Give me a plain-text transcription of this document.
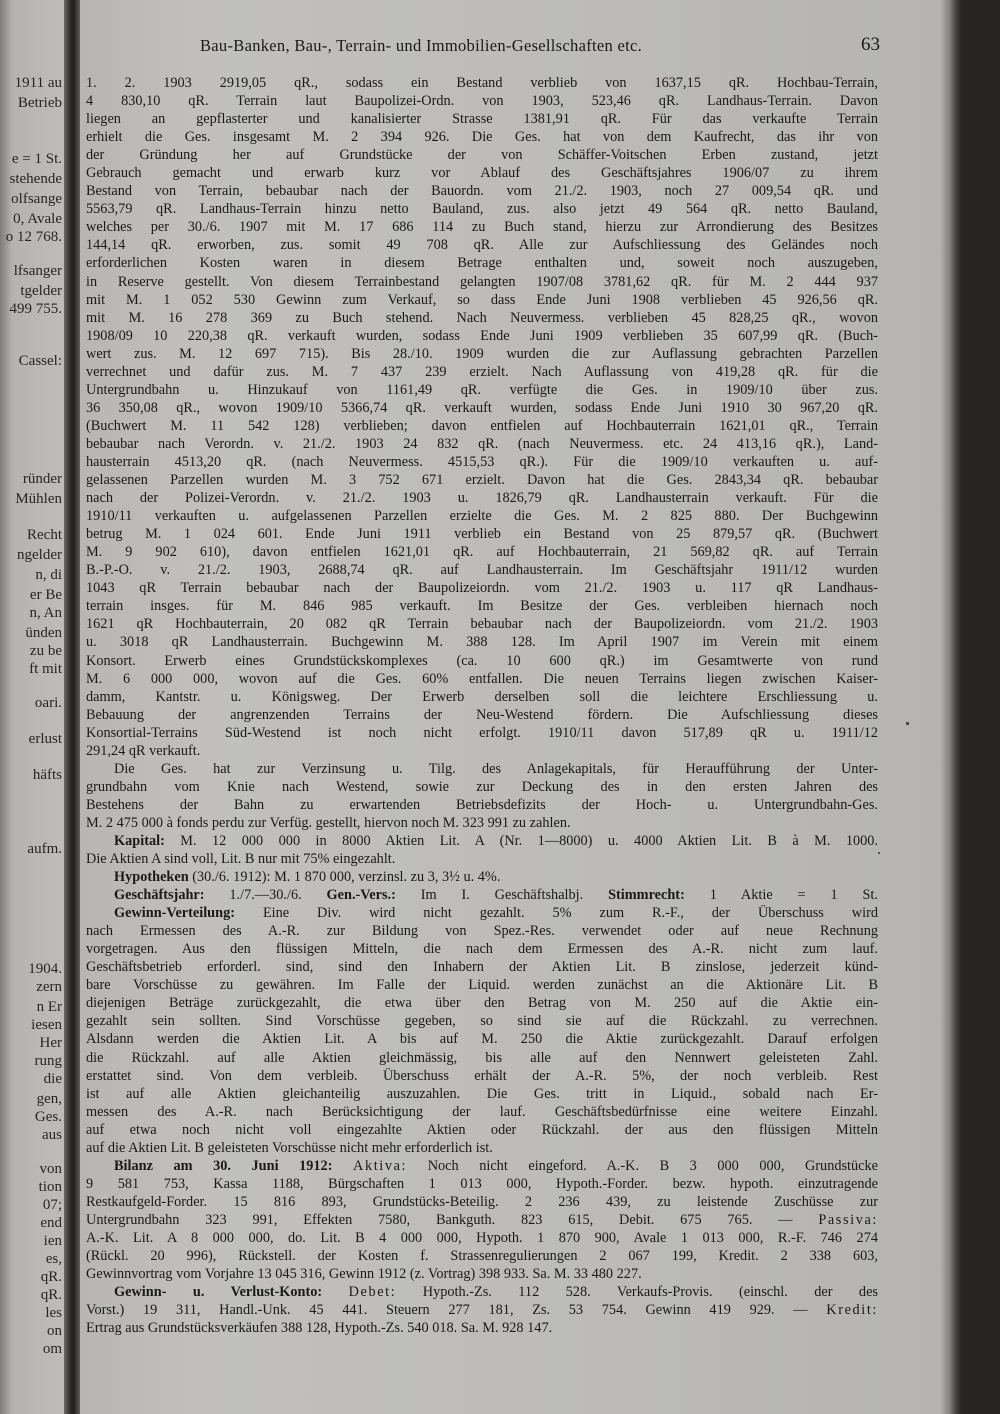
1911 au
Betrieb
e = 1 St.
stehende
olfsange
0, Avale
o 12 768.
lfsanger
tgelder
499 755.
Cassel:
ründer
Mühlen
Recht
ngelder
n, di
er Be
n, An
ünden
zu be
ft mit
oari.
erlust
häfts
aufm.
1904.
zern
n Er
iesen
Her
rung
die
gen,
Ges.
aus
von
tion
07;
end
ien
es,
qR.
qR.
les
on
om
Bau-Banken, Bau-, Terrain- und Immobilien-Gesellschaften etc.	63
1. 2. 1903 2919,05 qR., sodass ein Bestand verblieb von 1637,15 qR. Hochbau-Terrain,
4 830,10 qR. Terrain laut Baupolizei-Ordn. von 1903, 523,46 qR. Landhaus-Terrain. Davon
liegen an gepflasterter und kanalisierter Strasse 1381,91 qR. Für das verkaufte Terrain
erhielt die Ges. insgesamt M. 2 394 926. Die Ges. hat von dem Kaufrecht, das ihr von
der Gründung her auf Grundstücke der von Schäffer-Voitschen Erben zustand, jetzt
Gebrauch gemacht und erwarb kurz vor Ablauf des Geschäftsjahres 1906/07 zu ihrem
Bestand von Terrain, bebaubar nach der Bauordn. vom 21./2. 1903, noch 27 009,54 qR. und
5563,79 qR. Landhaus-Terrain hinzu netto Bauland, zus. also jetzt 49 564 qR. netto Bauland,
welches per 30./6. 1907 mit M. 17 686 114 zu Buch stand, hierzu zur Arrondierung des Besitzes
144,14 qR. erworben, zus. somit 49 708 qR. Alle zur Aufschliessung des Geländes noch
erforderlichen Kosten waren in diesem Betrage enthalten und, soweit noch auszugeben,
in Reserve gestellt. Von diesem Terrainbestand gelangten 1907/08 3781,62 qR. für M. 2 444 937
mit M. 1 052 530 Gewinn zum Verkauf, so dass Ende Juni 1908 verblieben 45 926,56 qR.
mit M. 16 278 369 zu Buch stehend. Nach Neuvermess. verblieben 45 828,25 qR., wovon
1908/09 10 220,38 qR. verkauft wurden, sodass Ende Juni 1909 verblieben 35 607,99 qR. (Buch-
wert zus. M. 12 697 715). Bis 28./10. 1909 wurden die zur Auflassung gebrachten Parzellen
verrechnet und dafür zus. M. 7 437 239 erzielt. Nach Auflassung von 419,28 qR. für die
Untergrundbahn u. Hinzukauf von 1161,49 qR. verfügte die Ges. in 1909/10 über zus.
36 350,08 qR., wovon 1909/10 5366,74 qR. verkauft wurden, sodass Ende Juni 1910 30 967,20 qR.
(Buchwert M. 11 542 128) verblieben; davon entfielen auf Hochbauterrain 1621,01 qR., Terrain
bebaubar nach Verordn. v. 21./2. 1903 24 832 qR. (nach Neuvermess. etc. 24 413,16 qR.), Land-
hausterrain 4513,20 qR. (nach Neuvermess. 4515,53 qR.). Für die 1909/10 verkauften u. auf-
gelassenen Parzellen wurden M. 3 752 671 erzielt. Davon hat die Ges. 2843,34 qR. bebaubar
nach der Polizei-Verordn. v. 21./2. 1903 u. 1826,79 qR. Landhausterrain verkauft. Für die
1910/11 verkauften u. aufgelassenen Parzellen erzielte die Ges. M. 2 825 880. Der Buchgewinn
betrug M. 1 024 601. Ende Juni 1911 verblieb ein Bestand von 25 879,57 qR. (Buchwert
M. 9 902 610), davon entfielen 1621,01 qR. auf Hochbauterrain, 21 569,82 qR. auf Terrain
B.-P.-O. v. 21./2. 1903, 2688,74 qR. auf Landhausterrain. Im Geschäftsjahr 1911/12 wurden
1043 qR Terrain bebaubar nach der Baupolizeiordn. vom 21./2. 1903 u. 117 qR Landhaus-
terrain insges. für M. 846 985 verkauft. Im Besitze der Ges. verbleiben hiernach noch
1621 qR Hochbauterrain, 20 082 qR Terrain bebaubar nach der Baupolizeiordn. vom 21./2. 1903
u. 3018 qR Landhausterrain. Buchgewinn M. 388 128. Im April 1907 im Verein mit einem
Konsort. Erwerb eines Grundstückskomplexes (ca. 10 600 qR.) im Gesamtwerte von rund
M. 6 000 000, wovon auf die Ges. 60% entfallen. Die neuen Terrains liegen zwischen Kaiser-
damm, Kantstr. u. Königsweg. Der Erwerb derselben soll die leichtere Erschliessung u.
Bebauung der angrenzenden Terrains der Neu-Westend fördern. Die Aufschliessung dieses
Konsortial-Terrains Süd-Westend ist noch nicht erfolgt. 1910/11 davon 517,89 qR u. 1911/12
291,24 qR verkauft.
Die Ges. hat zur Verzinsung u. Tilg. des Anlagekapitals, für Heraufführung der Unter-
grundbahn vom Knie nach Westend, sowie zur Deckung des in den ersten Jahren des
Bestehens der Bahn zu erwartenden Betriebsdefizits der Hoch- u. Untergrundbahn-Ges.
M. 2 475 000 à fonds perdu zur Verfüg. gestellt, hiervon noch M. 323 991 zu zahlen.
Kapital: M. 12 000 000 in 8000 Aktien Lit. A (Nr. 1—8000) u. 4000 Aktien Lit. B à M. 1000.
Die Aktien A sind voll, Lit. B nur mit 75% eingezahlt.
Hypotheken (30./6. 1912): M. 1 870 000, verzinsl. zu 3, 3½ u. 4%.
Geschäftsjahr: 1./7.—30./6. Gen.-Vers.: Im I. Geschäftshalbj. Stimmrecht: 1 Aktie = 1 St.
Gewinn-Verteilung: Eine Div. wird nicht gezahlt. 5% zum R.-F., der Überschuss wird
nach Ermessen des A.-R. zur Bildung von Spez.-Res. verwendet oder auf neue Rechnung
vorgetragen. Aus den flüssigen Mitteln, die nach dem Ermessen des A.-R. nicht zum lauf.
Geschäftsbetrieb erforderl. sind, sind den Inhabern der Aktien Lit. B zinslose, jederzeit künd-
bare Vorschüsse zu gewähren. Im Falle der Liquid. werden zunächst an die Aktionäre Lit. B
diejenigen Beträge zurückgezahlt, die etwa über den Betrag von M. 250 auf die Aktie ein-
gezahlt sein sollten. Sind Vorschüsse gegeben, so sind sie auf die Rückzahl. zu verrechnen.
Alsdann werden die Aktien Lit. A bis auf M. 250 die Aktie zurückgezahlt. Darauf erfolgen
die Rückzahl. auf alle Aktien gleichmässig, bis alle auf den Nennwert geleisteten Zahl.
erstattet sind. Von dem verbleib. Überschuss erhält der A.-R. 5%, der noch verbleib. Rest
ist auf alle Aktien gleichanteilig auszuzahlen. Die Ges. tritt in Liquid., sobald nach Er-
messen des A.-R. nach Berücksichtigung der lauf. Geschäftsbedürfnisse eine weitere Einzahl.
auf etwa noch nicht voll eingezahlte Aktien oder Rückzahl. der aus den flüssigen Mitteln
auf die Aktien Lit. B geleisteten Vorschüsse nicht mehr erforderlich ist.
Bilanz am 30. Juni 1912: Aktiva: Noch nicht eingeford. A.-K. B 3 000 000, Grundstücke
9 581 753, Kassa 1188, Bürgschaften 1 013 000, Hypoth.-Forder. bezw. hypoth. einzutragende
Restkaufgeld-Forder. 15 816 893, Grundstücks-Beteilig. 2 236 439, zu leistende Zuschüsse zur
Untergrundbahn 323 991, Effekten 7580, Bankguth. 823 615, Debit. 675 765. — Passiva:
A.-K. Lit. A 8 000 000, do. Lit. B 4 000 000, Hypoth. 1 870 900, Avale 1 013 000, R.-F. 746 274
(Rückl. 20 996), Rückstell. der Kosten f. Strassenregulierungen 2 067 199, Kredit. 2 338 603,
Gewinnvortrag vom Vorjahre 13 045 316, Gewinn 1912 (z. Vortrag) 398 933. Sa. M. 33 480 227.
Gewinn- u. Verlust-Konto: Debet: Hypoth.-Zs. 112 528. Verkaufs-Provis. (einschl. der des
Vorst.) 19 311, Handl.-Unk. 45 441. Steuern 277 181, Zs. 53 754. Gewinn 419 929. — Kredit:
Ertrag aus Grundstücksverkäufen 388 128, Hypoth.-Zs. 540 018. Sa. M. 928 147.
